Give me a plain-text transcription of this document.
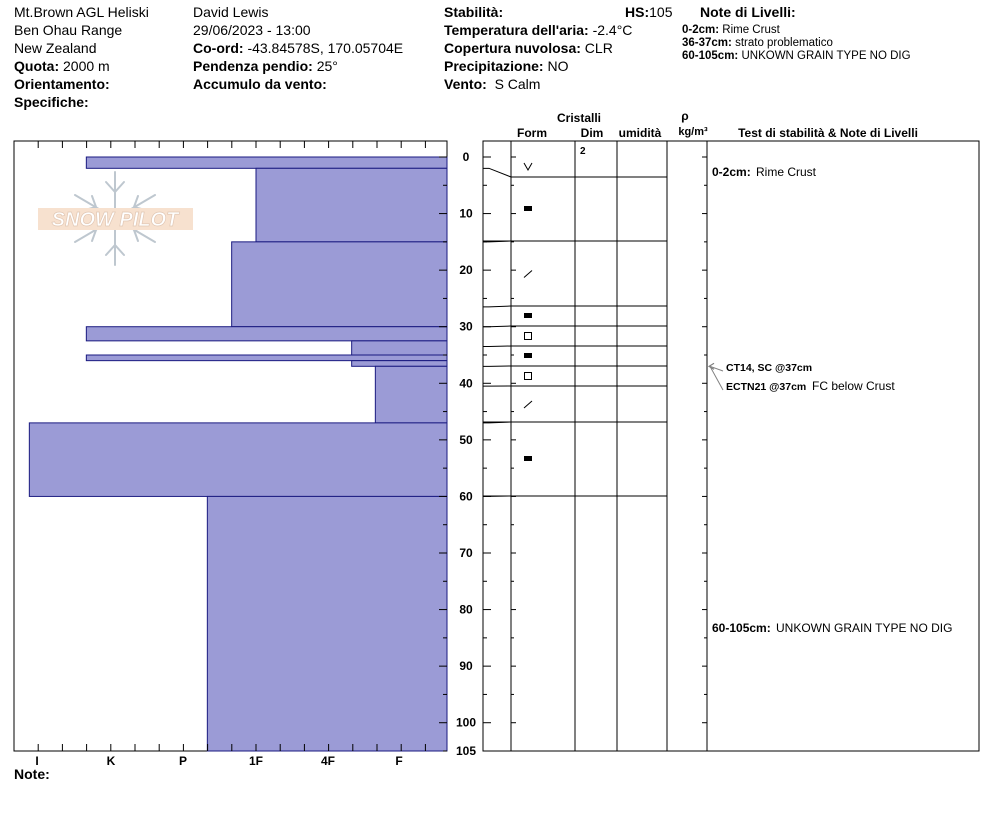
Mt.Brown AGL Heliski
Ben Ohau Range
New Zealand
Quota: 2000 m
Orientamento:
Specifiche:
David Lewis
29/06/2023 - 13:00
Co-ord: -43.84578S, 170.05704E
Pendenza pendio: 25°
Accumulo da vento:
Stabilità:
Temperatura dell'aria: -2.4°C
Copertura nuvolosa: CLR
Precipitazione: NO
Vento: S Calm
HS:105 Note di Livelli:
0-2cm: Rime Crust
36-37cm: strato problematico
60-105cm: UNKOWN GRAIN TYPE NO DIG
Note:
I	K	P	1F	4F	F
0
10
20
30
40
50
60
70
80
90
100
105
Cristalli
Form	Dim umidità
ρ
kg/m³	Test di stabilità & Note di Livelli
2
CT14, SC @37cm
ECTN21 @37cm FC below Crust
0-2cm: Rime Crust
60-105cm: UNKOWN GRAIN TYPE NO DIG
SNOW PILOT
